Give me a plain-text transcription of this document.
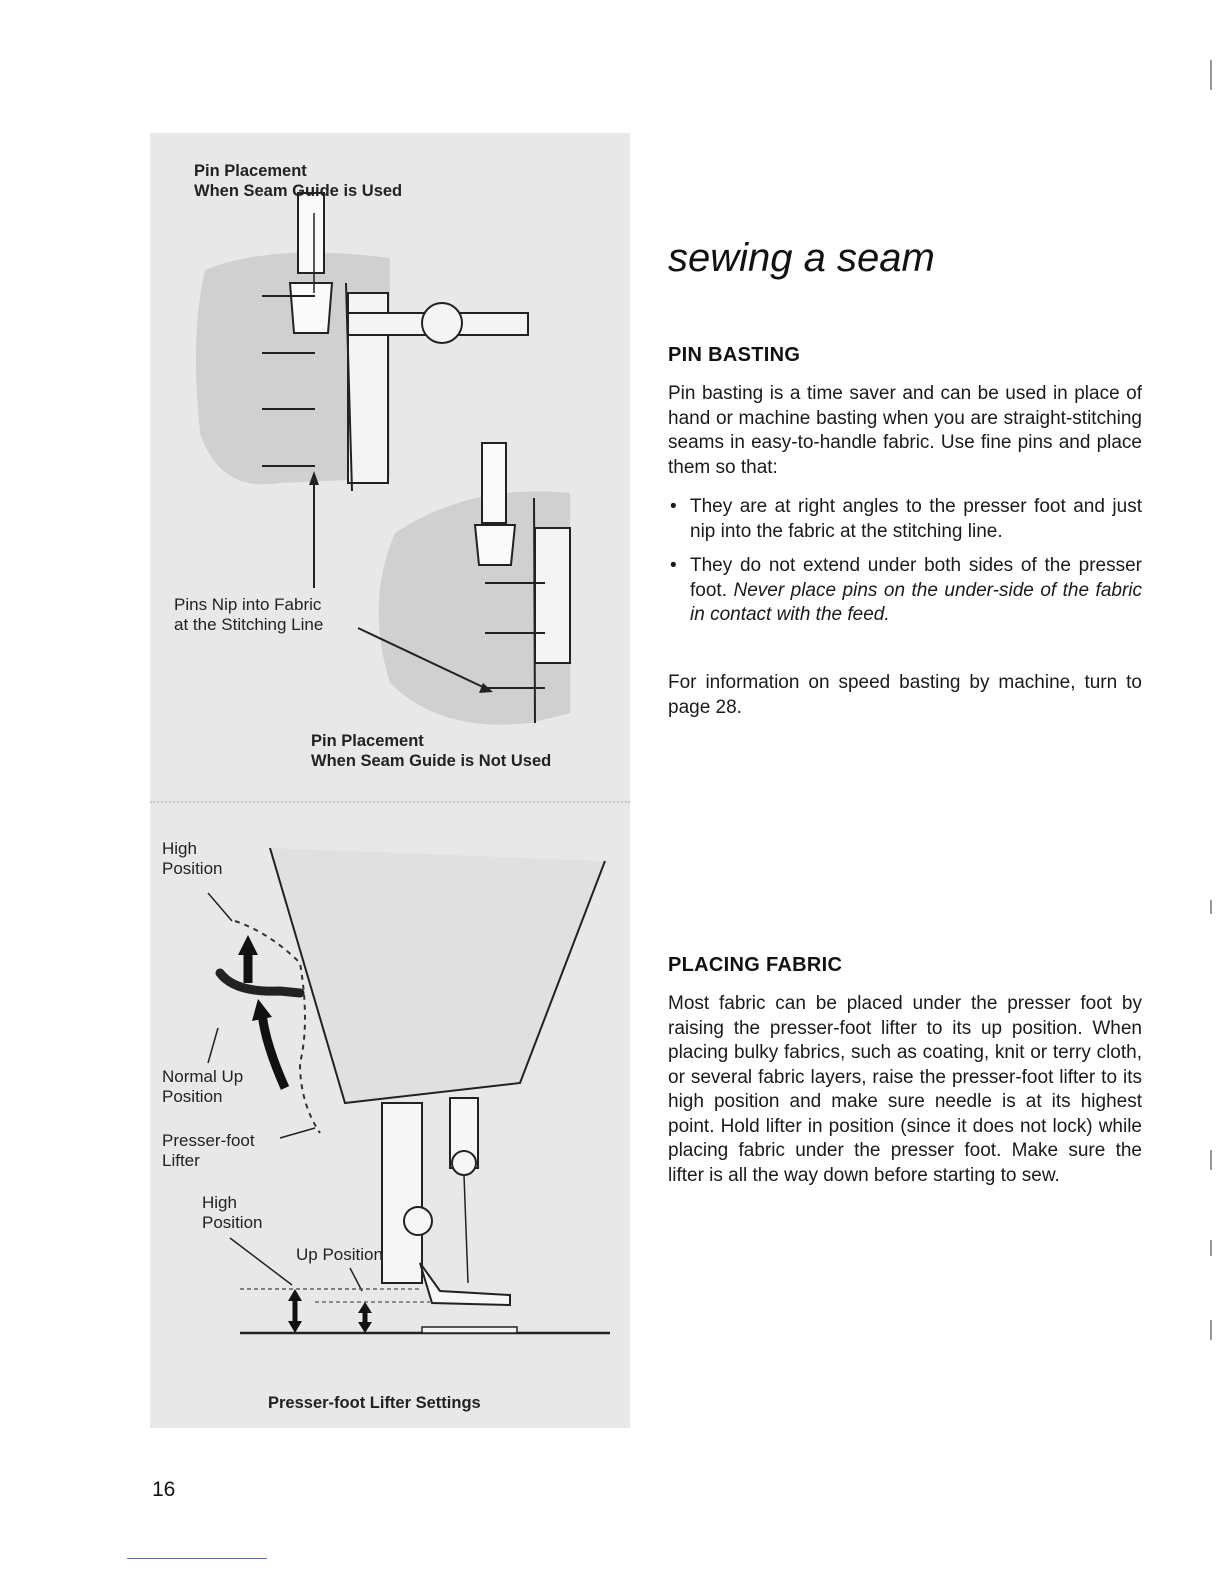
Pin Placement
When Seam Guide is Used
Pins Nip into Fabric
at the Stitching Line
Pin Placement
When Seam Guide is Not Used
High
Position
Normal Up
Position
Presser-foot
Lifter
High
Position
Up Position
Presser-foot Lifter Settings
sewing a seam
PIN BASTING

Pin basting is a time saver and can be used in place of hand or machine basting when you are straight-stitching seams in easy-to-handle fabric. Use fine pins and place them so that:

• They are at right angles to the presser foot and just nip into the fabric at the stitching line.
• They do not extend under both sides of the presser foot. Never place pins on the under-side of the fabric in contact with the feed.

For information on speed basting by machine, turn to page 28.

PLACING FABRIC

Most fabric can be placed under the presser foot by raising the presser-foot lifter to its up position. When placing bulky fabrics, such as coating, knit or terry cloth, or several fabric layers, raise the presser-foot lifter to its high position and make sure needle is at its highest point. Hold lifter in position (since it does not lock) while placing fabric under the presser foot. Make sure the lifter is all the way down before starting to sew.

16
